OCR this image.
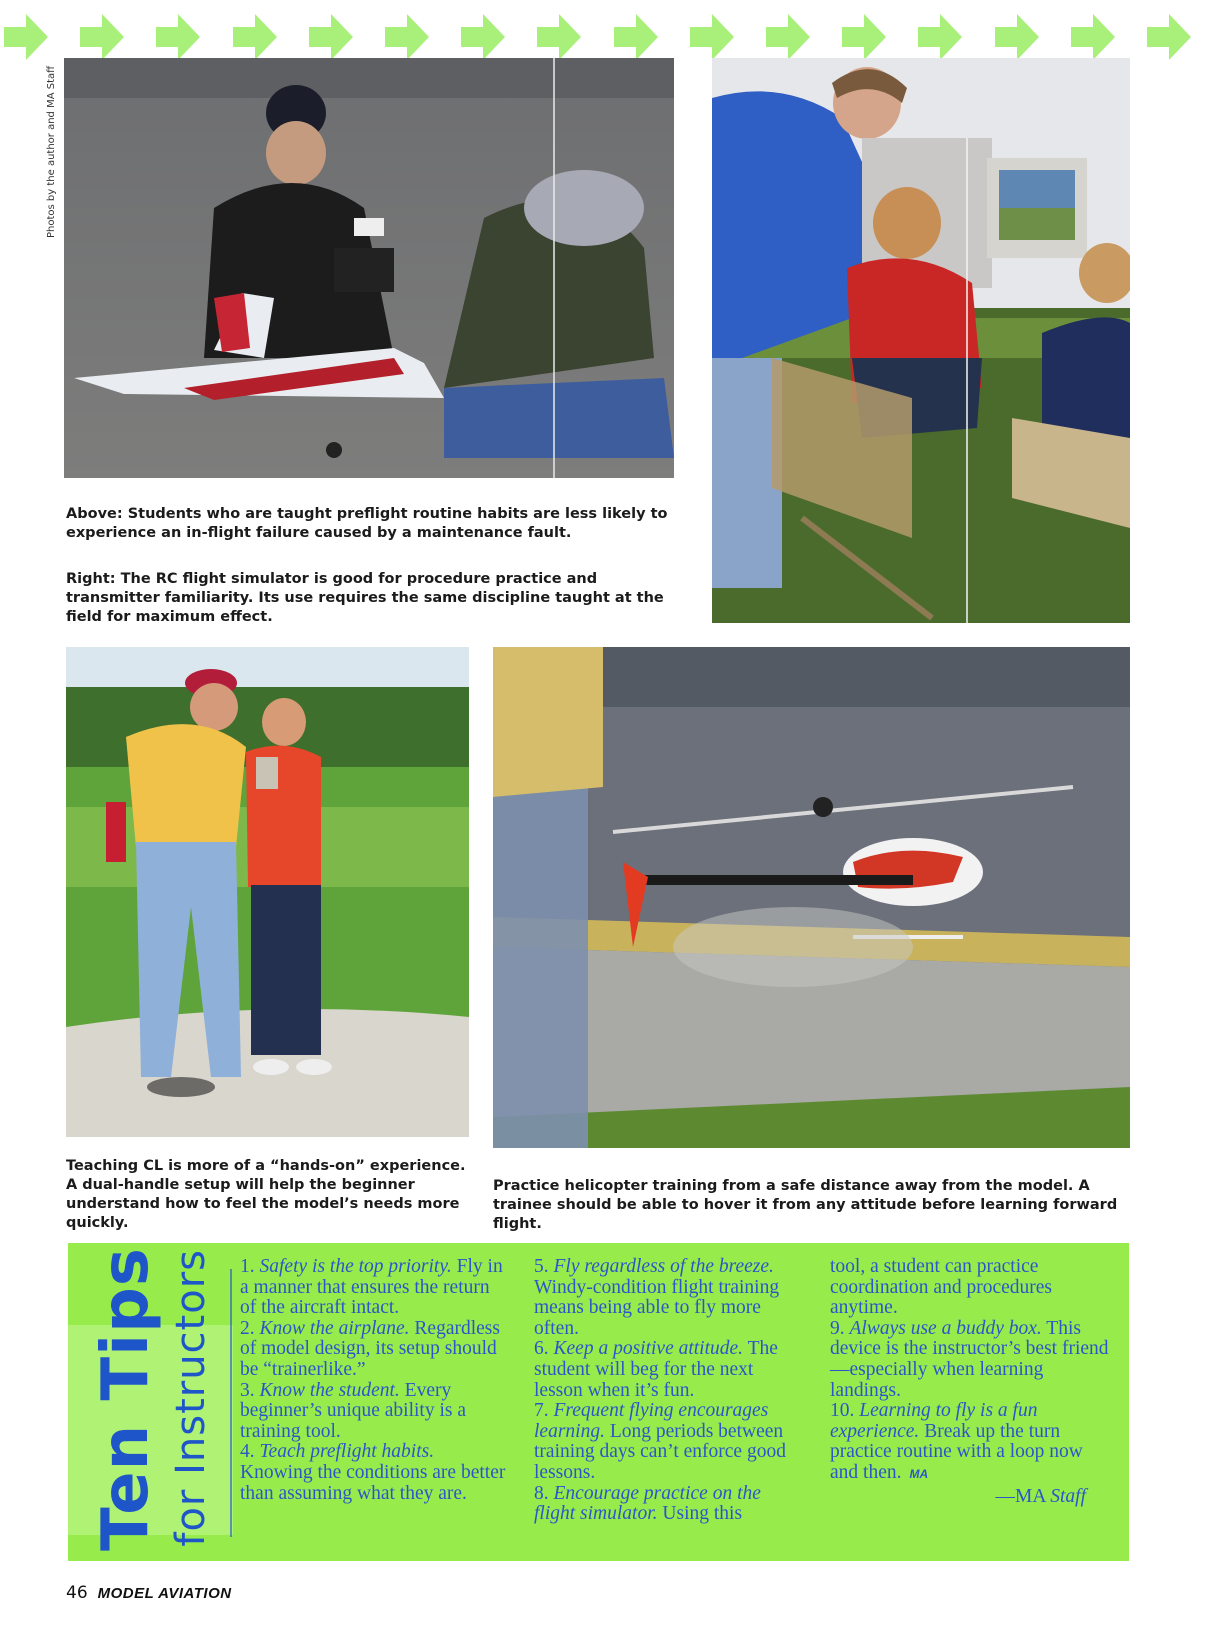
Photos by the author and MA Staff

Above: Students who are taught preflight routine habits are less likely to experience an in-flight failure caused by a maintenance fault.

Right: The RC flight simulator is good for procedure practice and transmitter familiarity. Its use requires the same discipline taught at the field for maximum effect.

Teaching CL is more of a “hands-on” experience. A dual-handle setup will help the beginner understand how to feel the model’s needs more quickly.

Practice helicopter training from a safe distance away from the model. A trainee should be able to hover it from any attitude before learning forward flight.

Ten Tips for Instructors 1. Safety is the top priority. Fly in a manner that ensures the return of the aircraft intact.

2. Know the airplane. Regardless of model design, its setup should be “trainerlike.”

3. Know the student. Every beginner’s unique ability is a training tool.

4. Teach preflight habits. Knowing the conditions are better than assuming what they are.

5. Fly regardless of the breeze. Windy-condition flight training means being able to fly more often.

6. Keep a positive attitude. The student will beg for the next lesson when it’s fun.

7. Frequent flying encourages learning. Long periods between training days can’t enforce good lessons.

8. Encourage practice on the flight simulator. Using this

tool, a student can practice coordination and procedures anytime.

9. Always use a buddy box. This device is the instructor’s best friend—especially when learning landings.

10. Learning to fly is a fun experience. Break up the turn practice routine with a loop now and then. MA

—MA Staff

46 MODEL AVIATION
